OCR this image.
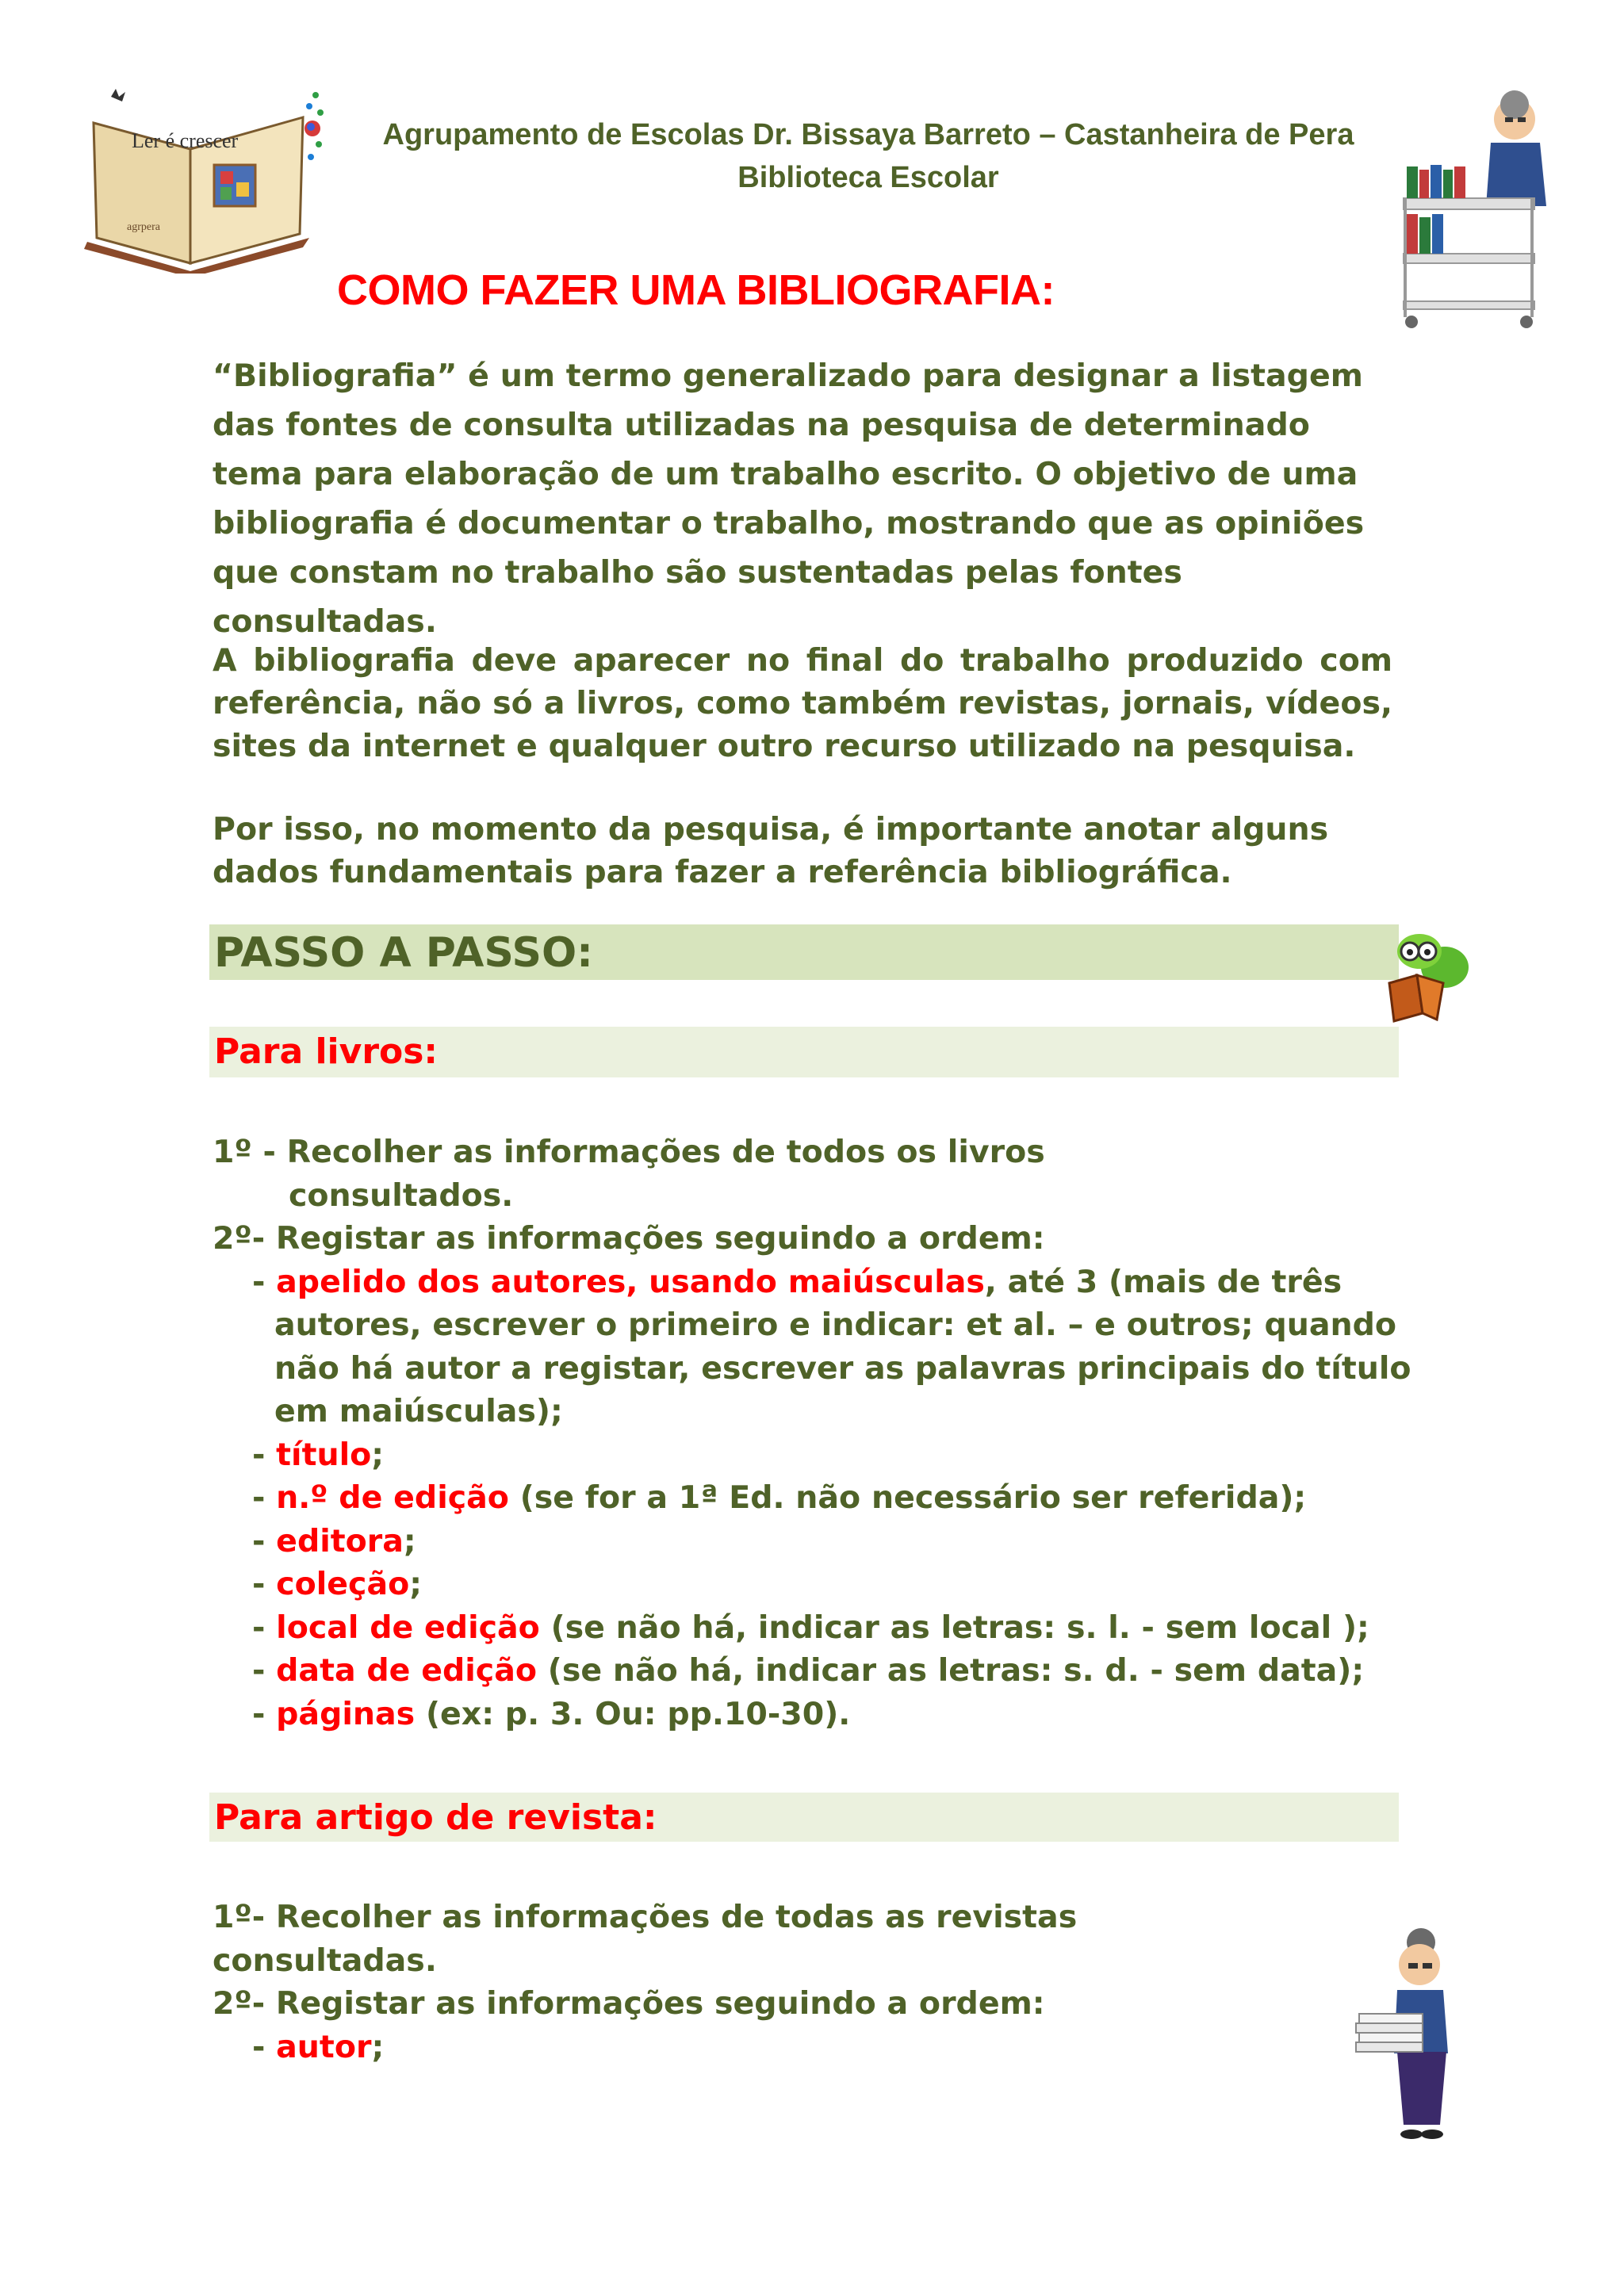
Ler é crescer
agrpera
Agrupamento de Escolas Dr. Bissaya Barreto – Castanheira de Pera
Biblioteca Escolar
COMO FAZER UMA BIBLIOGRAFIA:

“Bibliografia” é um termo generalizado para designar a listagem das fontes de consulta utilizadas na pesquisa de determinado tema para elaboração de um trabalho escrito. O objetivo de uma bibliografia é documentar o trabalho, mostrando que as opiniões que constam no trabalho são sustentadas pelas fontes consultadas.

A bibliografia deve aparecer no final do trabalho produzido com referência, não só a livros, como também revistas, jornais, vídeos, sites da internet e qualquer outro recurso utilizado na pesquisa.

Por isso, no momento da pesquisa, é importante anotar alguns dados fundamentais para fazer a referência bibliográfica.

PASSO A PASSO:
Para livros:
1º - Recolher as informações de todos os livros
consultados.
2º- Registar as informações seguindo a ordem:
- apelido dos autores, usando maiúsculas, até 3 (mais de três
autores, escrever o primeiro e indicar: et al. – e outros; quando
não há autor a registar, escrever as palavras principais do título
em maiúsculas);
- título;
- n.º de edição (se for a 1ª Ed. não necessário ser referida);
- editora;
- coleção;
- local de edição (se não há, indicar as letras: s. l. - sem local );
- data de edição (se não há, indicar as letras: s. d. - sem data);
- páginas (ex: p. 3. Ou: pp.10-30).
Para artigo de revista:
1º- Recolher as informações de todas as revistas
consultadas.
2º- Registar as informações seguindo a ordem:
- autor;
